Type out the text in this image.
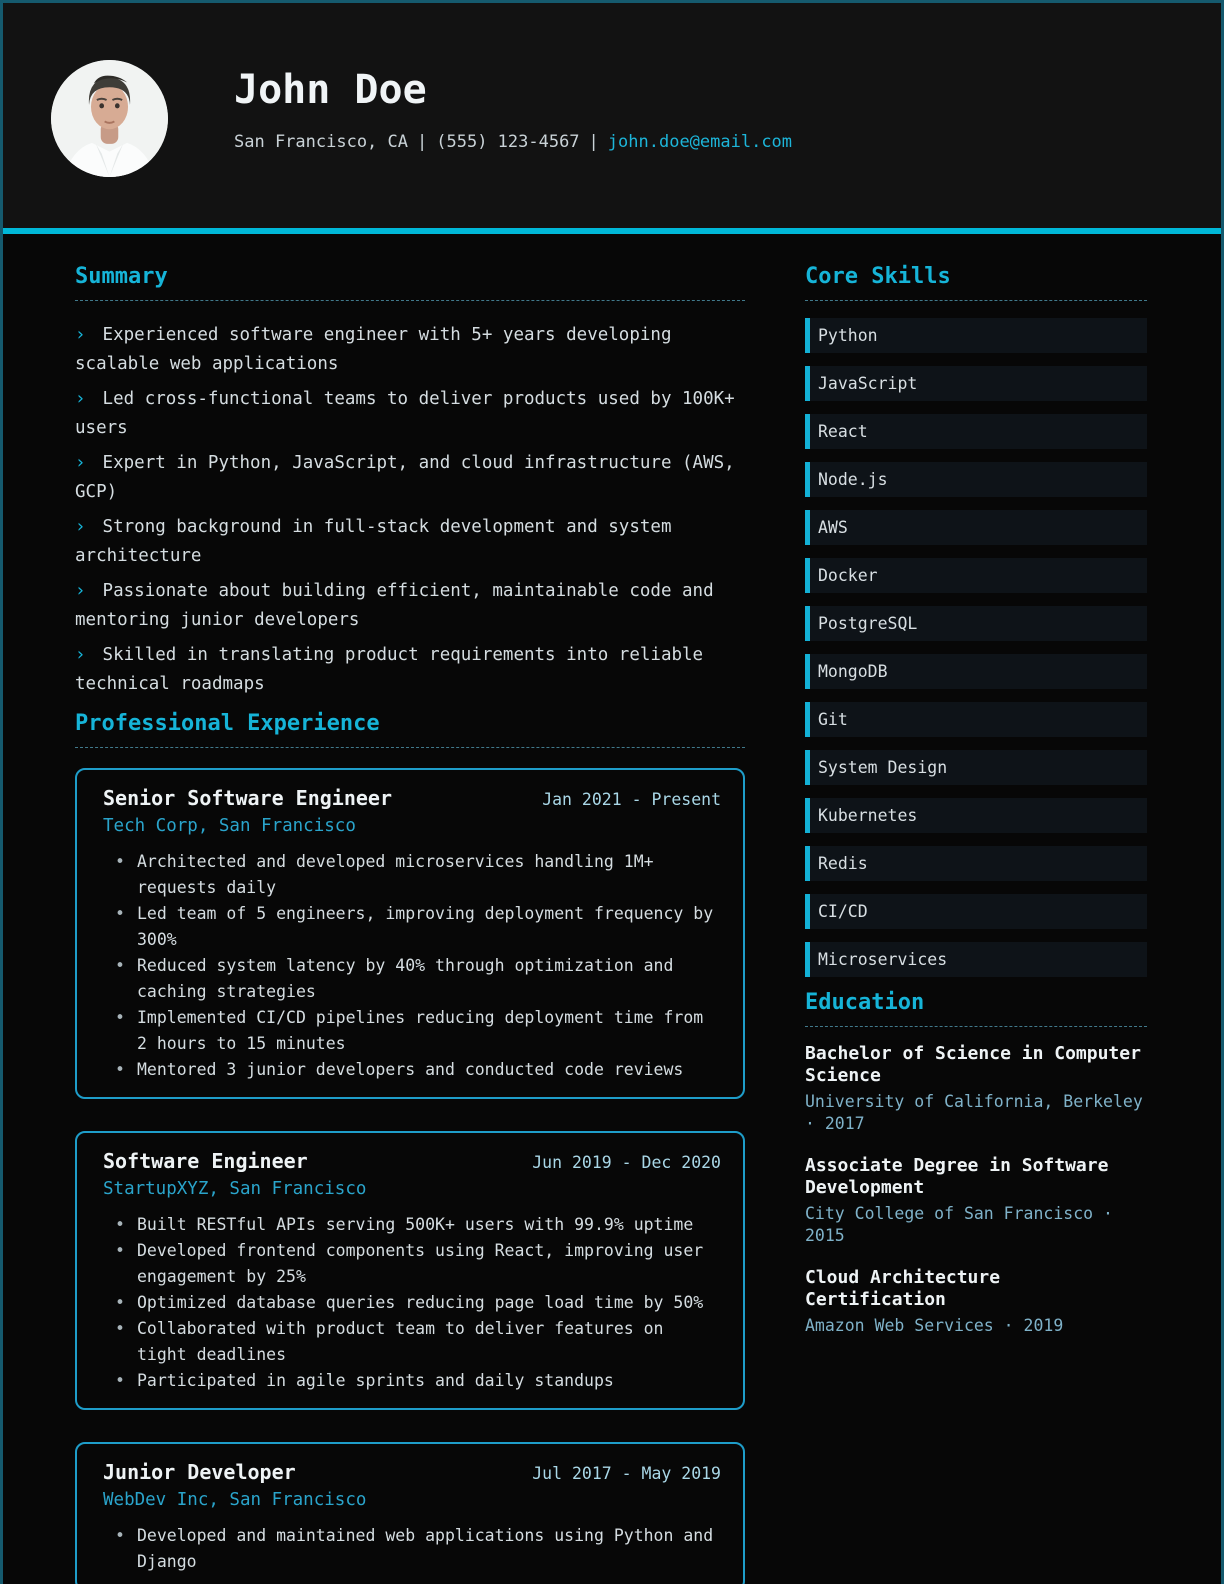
John Doe
San Francisco, CA | (555) 123-4567 | john.doe@email.com
Summary

› Experienced software engineer with 5+ years developing scalable web applications

› Led cross-functional teams to deliver products used by 100K+ users

› Expert in Python, JavaScript, and cloud infrastructure (AWS, GCP)

› Strong background in full-stack development and system architecture

› Passionate about building efficient, maintainable code and mentoring junior developers

› Skilled in translating product requirements into reliable technical roadmaps

Professional Experience
Senior Software Engineer	Jan 2021 - Present
Tech Corp, San Francisco
• Architected and developed microservices handling 1M+ requests daily
• Led team of 5 engineers, improving deployment frequency by 300%
• Reduced system latency by 40% through optimization and caching strategies
• Implemented CI/CD pipelines reducing deployment time from 2 hours to 15 minutes
• Mentored 3 junior developers and conducted code reviews
Software Engineer	Jun 2019 - Dec 2020
StartupXYZ, San Francisco
• Built RESTful APIs serving 500K+ users with 99.9% uptime
• Developed frontend components using React, improving user engagement by 25%
• Optimized database queries reducing page load time by 50%
• Collaborated with product team to deliver features on tight deadlines
• Participated in agile sprints and daily standups
Junior Developer	Jul 2017 - May 2019
WebDev Inc, San Francisco
• Developed and maintained web applications using Python and Django
Core Skills
Python
JavaScript
React
Node.js
AWS
Docker
PostgreSQL
MongoDB
Git
System Design
Kubernetes
Redis
CI/CD
Microservices
Education
Bachelor of Science in Computer Science
University of California, Berkeley · 2017
Associate Degree in Software Development
City College of San Francisco · 2015
Cloud Architecture Certification
Amazon Web Services · 2019
